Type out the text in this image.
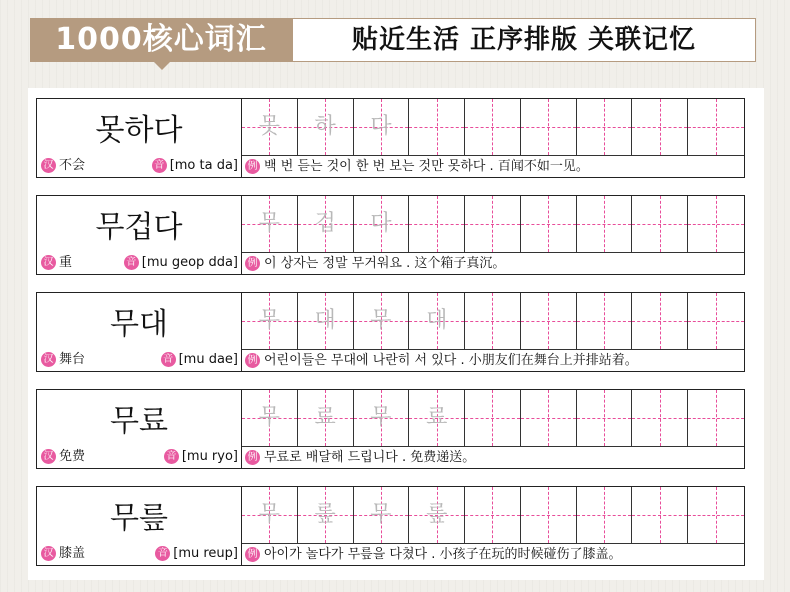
1000核心词汇	贴近生活 正序排版 关联记忆
못하다
汉 不会	音 [mo ta da]
못	하	다
例 백 번 듣는 것이 한 번 보는 것만 못하다 . 百闻不如一见。
무겁다
汉 重	音 [mu geop dda]
무	겁	다
例 이 상자는 정말 무거워요 . 这个箱子真沉。
무대
汉 舞台	音 [mu dae]
무	대	무	대
例 어린이들은 무대에 나란히 서 있다 . 小朋友们在舞台上并排站着。
무료
汉 免费	音 [mu ryo]
무	료	무	료
例 무료로 배달해 드립니다 . 免费递送。
무릎
汉 膝盖	音 [mu reup]
무	릎	무	릎
例 아이가 놀다가 무릎을 다쳤다 . 小孩子在玩的时候碰伤了膝盖。
